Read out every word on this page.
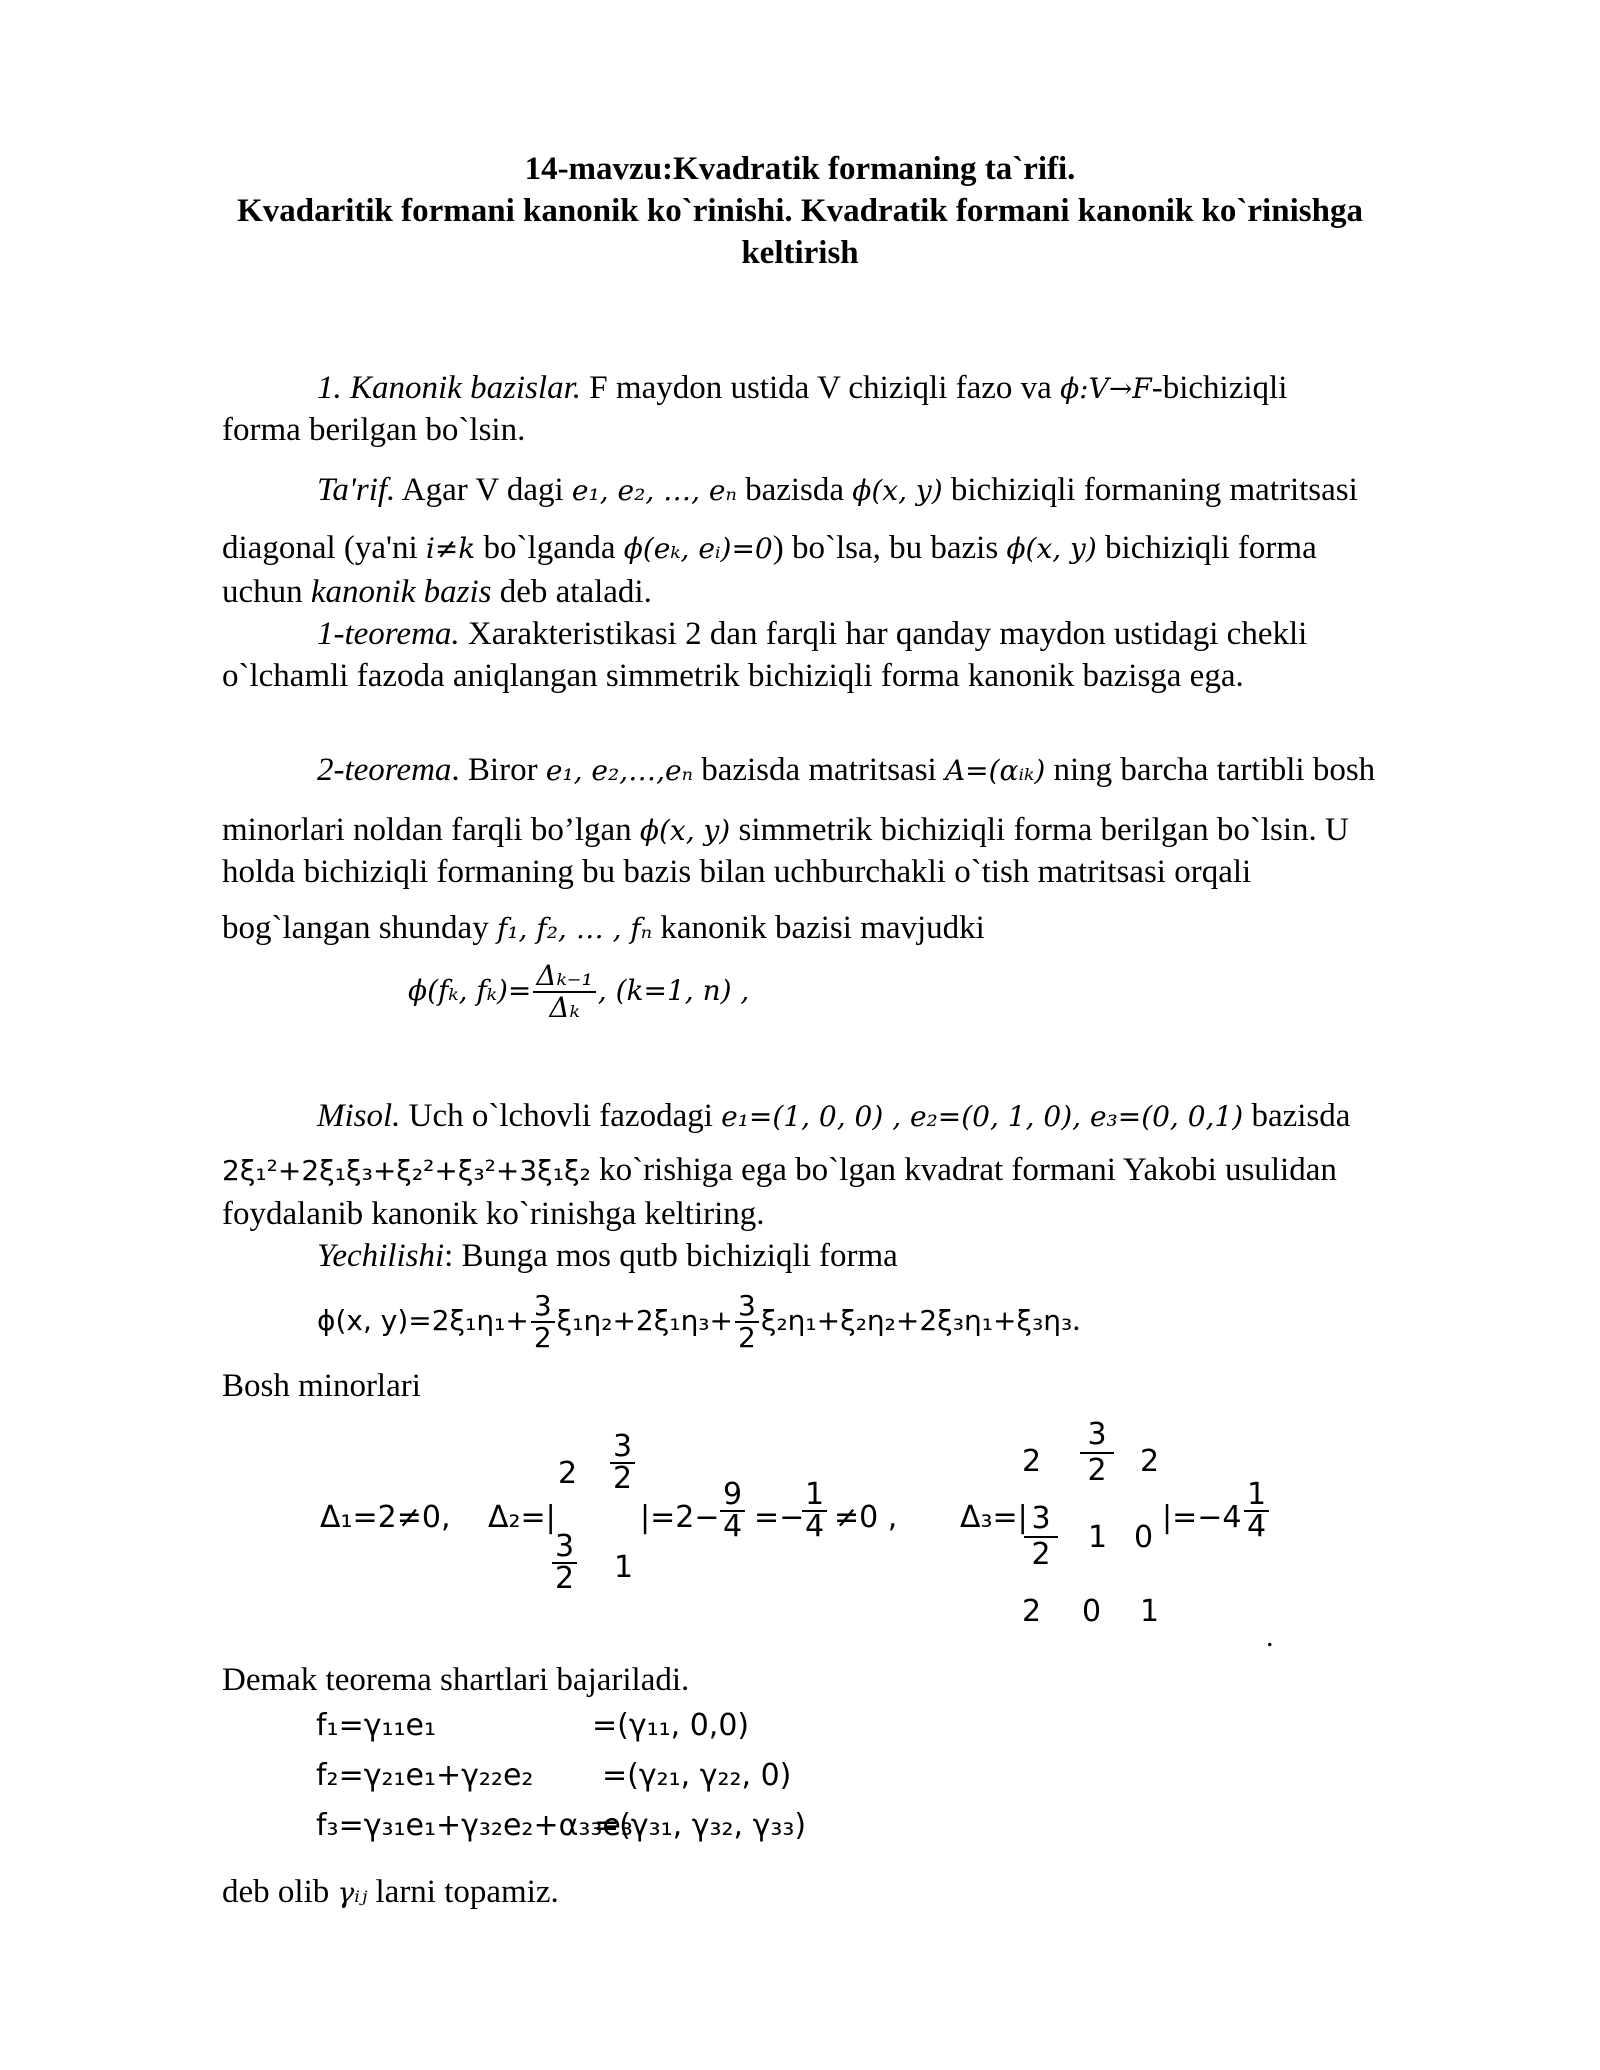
14-mavzu:Kvadratik formaning ta`rifi.
Kvadaritik formani kanonik ko`rinishi. Kvadratik formani kanonik ko`rinishga
keltirish
1. Kanonik bazislar. F maydon ustida V chiziqli fazo va ϕ:V→F-bichiziqli
forma berilgan bo`lsin.
Ta'rif. Agar V dagi e₁, e₂, …, eₙ bazisda ϕ(x, y) bichiziqli formaning matritsasi
diagonal (ya'ni i≠k bo`lganda ϕ(eₖ, eᵢ)=0) bo`lsa, bu bazis ϕ(x, y) bichiziqli forma
uchun kanonik bazis deb ataladi.
1-teorema. Xarakteristikasi 2 dan farqli har qanday maydon ustidagi chekli
o`lchamli fazoda aniqlangan simmetrik bichiziqli forma kanonik bazisga ega.
2-teorema. Biror e₁, e₂,…,eₙ bazisda matritsasi A=(αᵢₖ) ning barcha tartibli bosh
minorlari noldan farqli bo’lgan ϕ(x, y) simmetrik bichiziqli forma berilgan bo`lsin. U
holda bichiziqli formaning bu bazis bilan uchburchakli o`tish matritsasi orqali
bog`langan shunday f₁, f₂, … , fₙ kanonik bazisi mavjudki
ϕ(fₖ, $f_k)= \frac{\text{Δₖ₋₁}}{\text{Δₖ}}$ , (k=1, n) ,
Misol. Uch o`lchovli fazodagi e₁=(1, 0, 0) , e₂=(0, 1, 0), e₃=(0, 0,1) bazisda
2ξ₁²+2ξ₁ξ₃+ξ₂²+ξ₃²+3ξ₁ξ₂ ko`rishiga ega bo`lgan kvadrat formani Yakobi usulidan
foydalanib kanonik ko`rinishga keltiring.
Yechilishi: Bunga mos qutb bichiziqli forma
ϕ(x, $y)=2\xi_1\eta_1+ \frac{3}{2} \xi_1\eta_2+2\xi_1\eta_3+ \frac{3}{2} \xi_2\eta_1+\xi_2\eta_2+2\xi_3\eta_1+\xi_3\eta_3$.
Bosh minorlari
Δ₁=2≠0, Δ₂=|
$2 \frac{3}{2}$
$\frac{3}{2} 1$
$|=2- \frac{9}{4}$ =−
$\frac{1}{4} \ne 0$ , Δ₃=|
2
3
2 2
3
2 1 0
2 0 1
$|=-4 \frac{1}{4}$
.
Demak teorema shartlari bajariladi.
f₁=γ₁₁e₁	=(γ₁₁, 0,0)
f₂=γ₂₁e₁+γ₂₂e₂ =(γ₂₁, γ₂₂, 0)
f₃=γ₃₁e₁+γ₃₂e₂+α₃₃e₃
=(γ₃₁, γ₃₂, γ₃₃)
deb olib γᵢⱼ larni topamiz.
